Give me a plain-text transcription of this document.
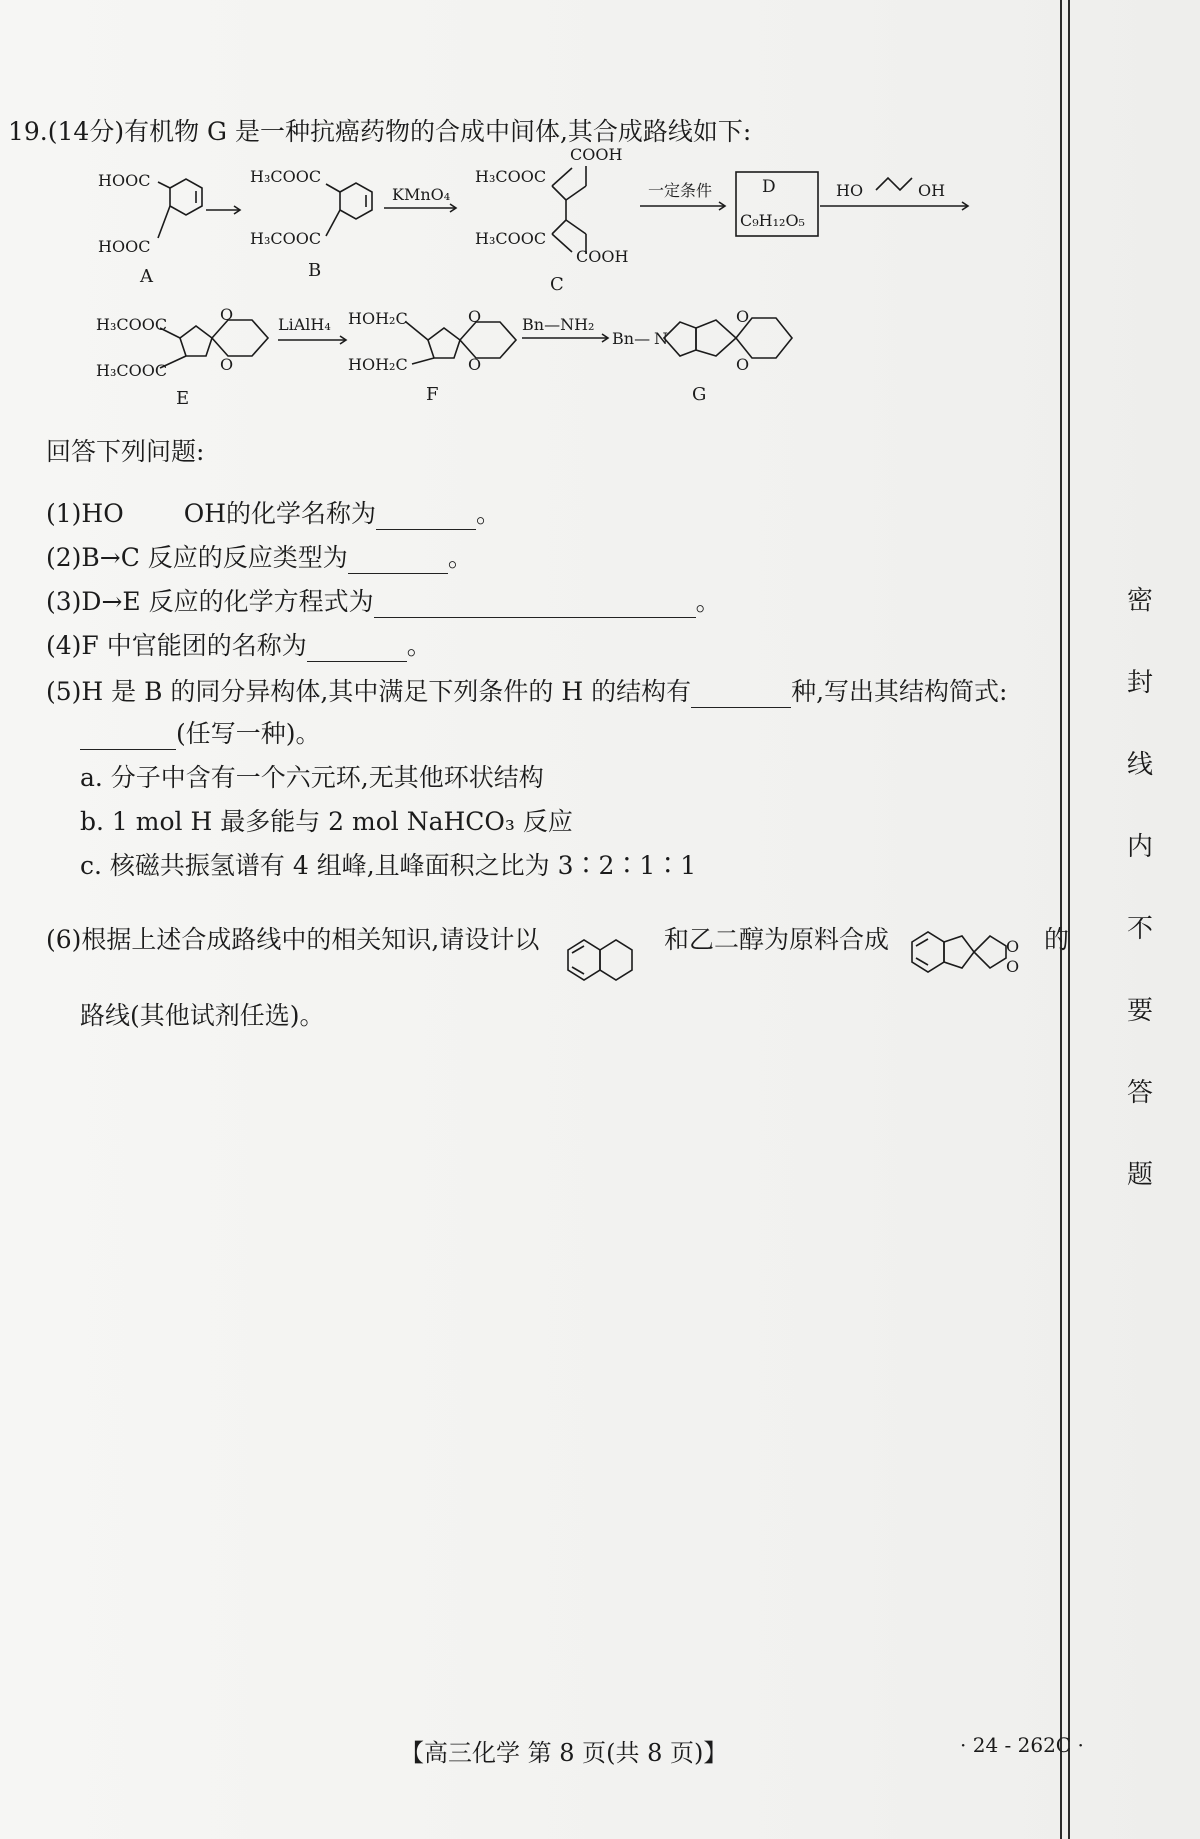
密
封
线
内
不
要
答
题
19.(14分)有机物 G 是一种抗癌药物的合成中间体,其合成路线如下:
HOOC
HOOC
A
H₃COOC
H₃COOC
B
KMnO₄
H₃COOC
H₃COOC
COOH
COOH
C
一定条件	D
C₉H₁₂O₅
HO	OH
H₃COOC
H₃COOC
O
O
E
LiAlH₄ HOH₂C
HOH₂C
O
O
F
Bn—NH₂
Bn— N
O
O
G
O
O
回答下列问题:
(1)HO OH的化学名称为	。
(2)B→C 反应的反应类型为	。
(3)D→E 反应的化学方程式为	。
(4)F 中官能团的名称为	。
(5)H 是 B 的同分异构体,其中满足下列条件的 H 的结构有	种,写出其结构简式:
(任写一种)。
a. 分子中含有一个六元环,无其他环状结构
b. 1 mol H 最多能与 2 mol NaHCO₃ 反应
c. 核磁共振氢谱有 4 组峰,且峰面积之比为 3∶2∶1∶1
(6)根据上述合成路线中的相关知识,请设计以	和乙二醇为原料合成	的
路线(其他试剂任选)。
【高三化学 第 8 页(共 8 页)】	· 24 - 262C ·
